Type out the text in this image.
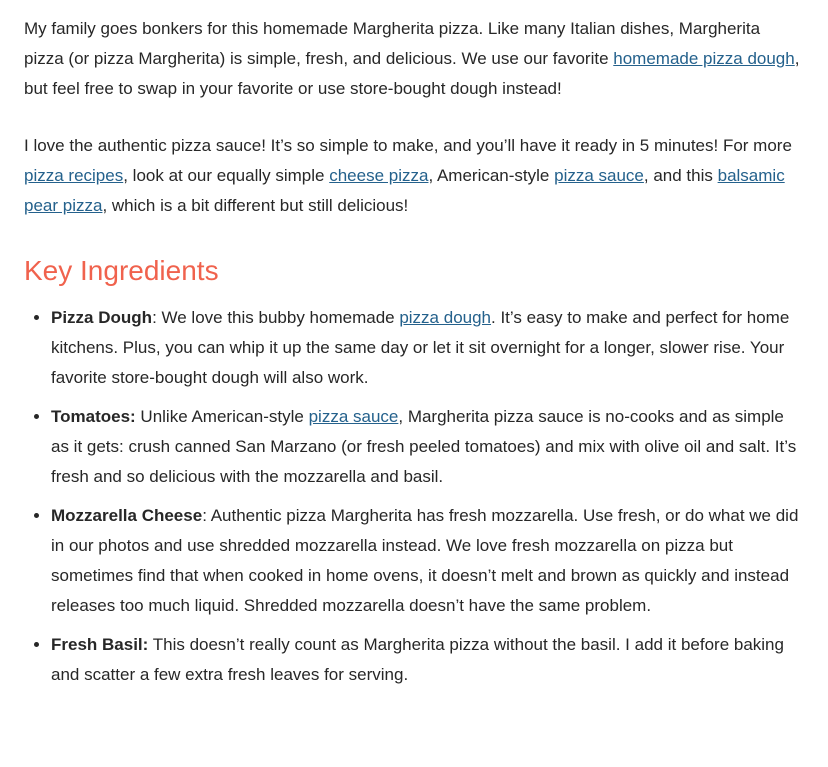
My family goes bonkers for this homemade Margherita pizza. Like many Italian dishes, Margherita pizza (or pizza Margherita) is simple, fresh, and delicious. We use our favorite homemade pizza dough, but feel free to swap in your favorite or use store-bought dough instead!

I love the authentic pizza sauce! It’s so simple to make, and you’ll have it ready in 5 minutes! For more pizza recipes, look at our equally simple cheese pizza, American-style pizza sauce, and this balsamic pear pizza, which is a bit different but still delicious!

Key Ingredients
• Pizza Dough: We love this bubby homemade pizza dough. It’s easy to make and perfect for home kitchens. Plus, you can whip it up the same day or let it sit overnight for a longer, slower rise. Your favorite store-bought dough will also work.
• Tomatoes: Unlike American-style pizza sauce, Margherita pizza sauce is no-cooks and as simple as it gets: crush canned San Marzano (or fresh peeled tomatoes) and mix with olive oil and salt. It’s fresh and so delicious with the mozzarella and basil.
• Mozzarella Cheese: Authentic pizza Margherita has fresh mozzarella. Use fresh, or do what we did in our photos and use shredded mozzarella instead. We love fresh mozzarella on pizza but sometimes find that when cooked in home ovens, it doesn’t melt and brown as quickly and instead releases too much liquid. Shredded mozzarella doesn’t have the same problem.
• Fresh Basil: This doesn’t really count as Margherita pizza without the basil. I add it before baking and scatter a few extra fresh leaves for serving.
